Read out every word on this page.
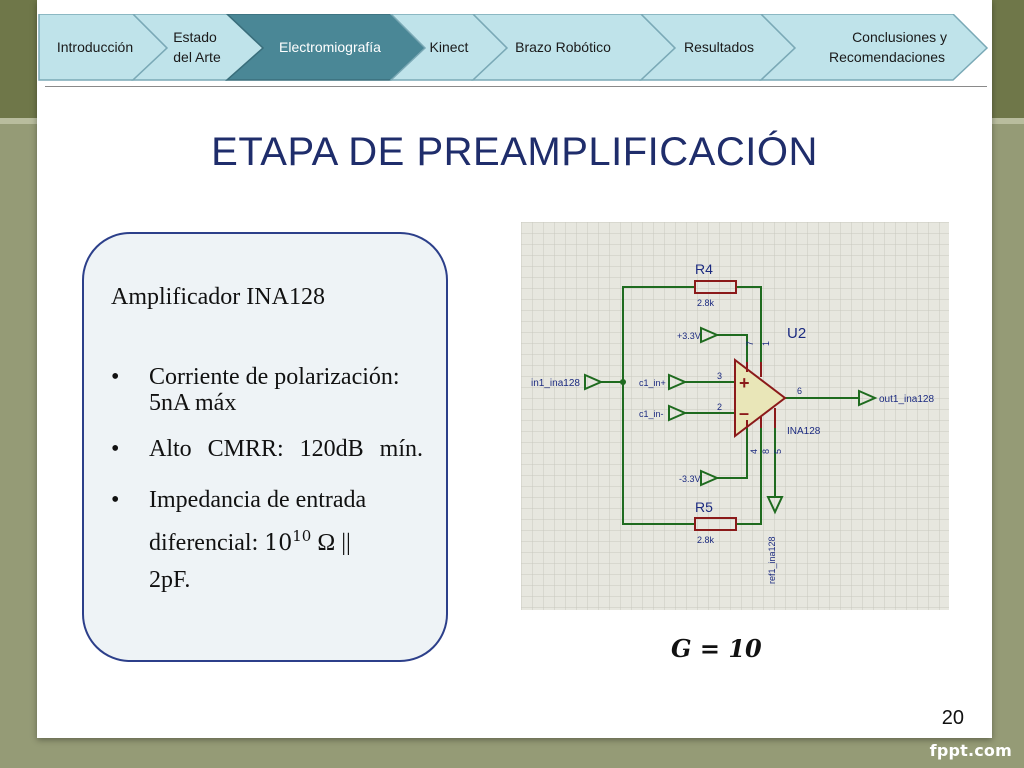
Introducción
Estado
del Arte
Electromiografía	Kinect	Brazo Robótico	Resultados
Conclusiones y
Recomendaciones
ETAPA DE PREAMPLIFICACIÓN
Amplificador INA128
• Corriente de polarización: 5nA máx
• Alto CMRR: 120dB mín.
• Impedancia de entrada diferencial: $10^{10}$ Ω ||
2pF.
R4
2.8k
R5
2.8k
U2
INA128
+3.3V
-3.3V
in1_ina128
out1_ina128
c1_in+
c1_in-
ref1_ina128
3
2
6
7 1
4 8 5
+
–
G = 10
20
fppt.com
